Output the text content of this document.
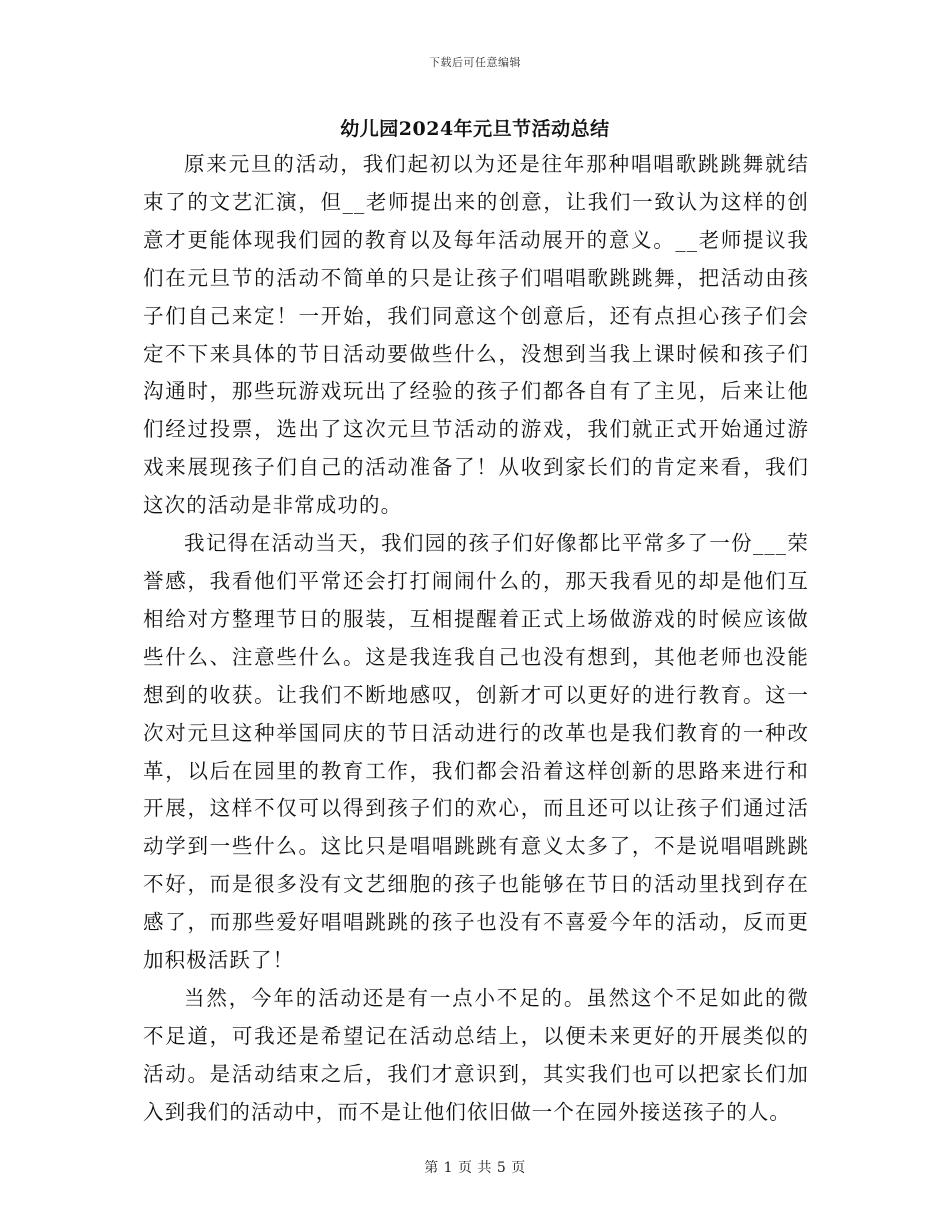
下载后可任意编辑
幼儿园2024年元旦节活动总结

原来元旦的活动，我们起初以为还是往年那种唱唱歌跳跳舞就结束了的文艺汇演，但__老师提出来的创意，让我们一致认为这样的创意才更能体现我们园的教育以及每年活动展开的意义。__老师提议我们在元旦节的活动不简单的只是让孩子们唱唱歌跳跳舞，把活动由孩子们自己来定！一开始，我们同意这个创意后，还有点担心孩子们会定不下来具体的节日活动要做些什么，没想到当我上课时候和孩子们沟通时，那些玩游戏玩出了经验的孩子们都各自有了主见，后来让他们经过投票，选出了这次元旦节活动的游戏，我们就正式开始通过游戏来展现孩子们自己的活动准备了！从收到家长们的肯定来看，我们这次的活动是非常成功的。

我记得在活动当天，我们园的孩子们好像都比平常多了一份___荣誉感，我看他们平常还会打打闹闹什么的，那天我看见的却是他们互相给对方整理节日的服装，互相提醒着正式上场做游戏的时候应该做些什么、注意些什么。这是我连我自己也没有想到，其他老师也没能想到的收获。让我们不断地感叹，创新才可以更好的进行教育。这一次对元旦这种举国同庆的节日活动进行的改革也是我们教育的一种改革，以后在园里的教育工作，我们都会沿着这样创新的思路来进行和开展，这样不仅可以得到孩子们的欢心，而且还可以让孩子们通过活动学到一些什么。这比只是唱唱跳跳有意义太多了，不是说唱唱跳跳不好，而是很多没有文艺细胞的孩子也能够在节日的活动里找到存在感了，而那些爱好唱唱跳跳的孩子也没有不喜爱今年的活动，反而更加积极活跃了！

当然，今年的活动还是有一点小不足的。虽然这个不足如此的微不足道，可我还是希望记在活动总结上，以便未来更好的开展类似的活动。是活动结束之后，我们才意识到，其实我们也可以把家长们加入到我们的活动中，而不是让他们依旧做一个在园外接送孩子的人。

第 1 页 共 5 页
